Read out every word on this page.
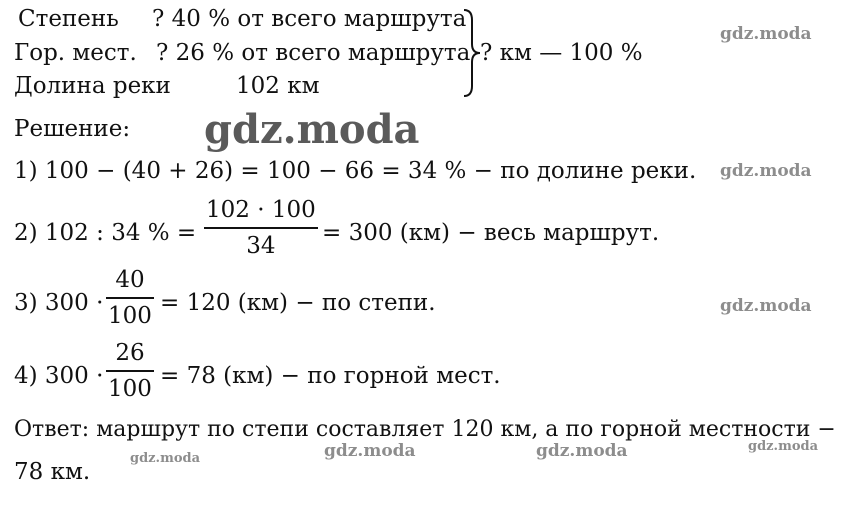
Степень ? 40 % от всего маршрута
Гор. мест. ? 26 % от всего маршрута
Долина реки	102 км
? км — 100 %
Решение:
1) 100 − (40 + 26) = 100 − 66 = 34 % − по долине реки.
2) 102 : 34 % =
102 · 100
34 = 300 (км) − весь маршрут.
3) 300 ·
40
100 = 120 (км) − по степи.
4) 300 ·
26
100 = 78 (км) − по горной мест.
Ответ: маршрут по степи составляет 120 км, а по горной местности −
78 км.
gdz.moda
gdz.moda
gdz.moda
gdz.moda
gdz.moda	gdz.moda	gdz.moda	gdz.moda
